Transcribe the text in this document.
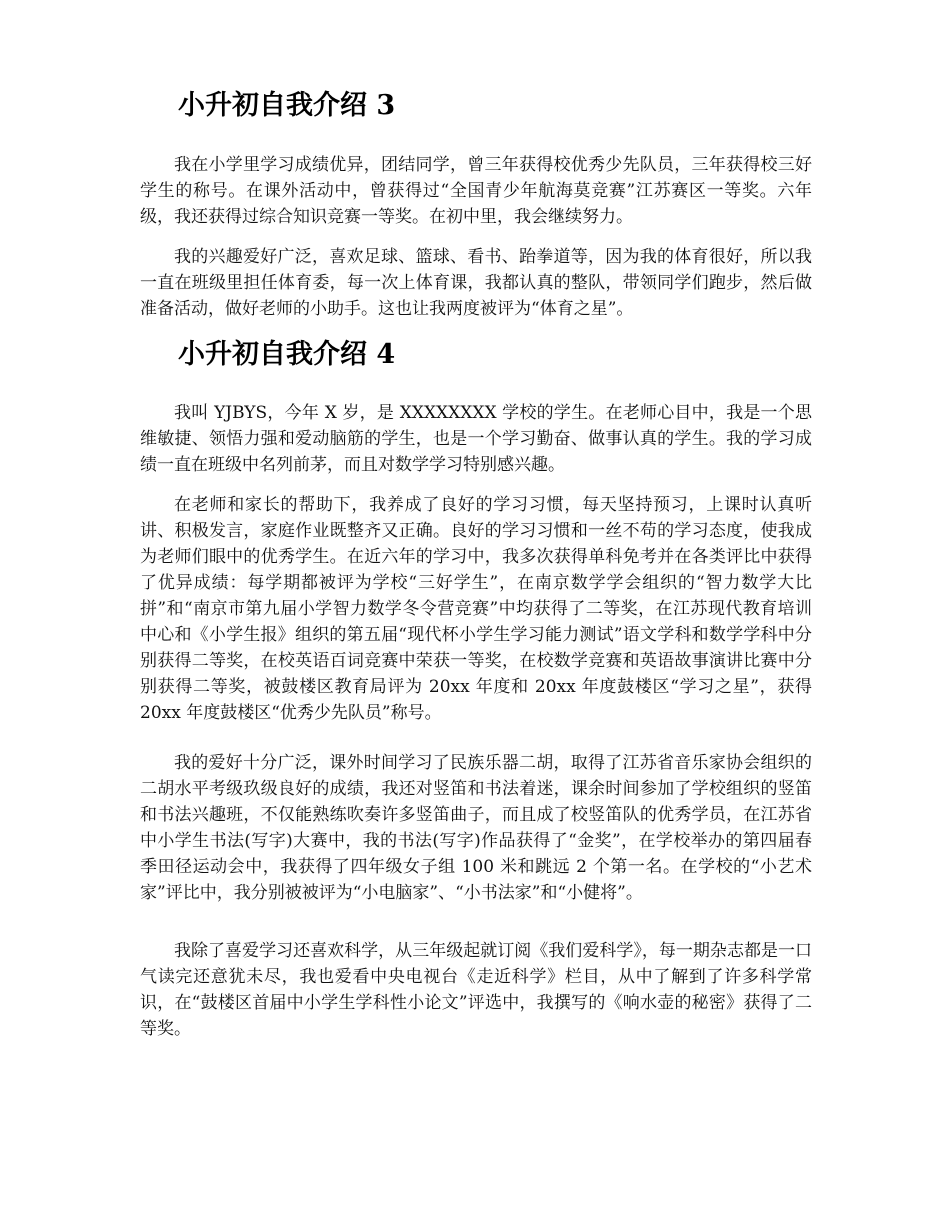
小升初自我介绍 3

我在小学里学习成绩优异，团结同学，曾三年获得校优秀少先队员，三年获得校三好学生的称号。在课外活动中，曾获得过“全国青少年航海莫竞赛”江苏赛区一等奖。六年级，我还获得过综合知识竞赛一等奖。在初中里，我会继续努力。

我的兴趣爱好广泛，喜欢足球、篮球、看书、跆拳道等，因为我的体育很好，所以我一直在班级里担任体育委，每一次上体育课，我都认真的整队，带领同学们跑步，然后做准备活动，做好老师的小助手。这也让我两度被评为“体育之星”。

小升初自我介绍 4

我叫 YJBYS，今年 X 岁，是 XXXXXXXX 学校的学生。在老师心目中，我是一个思维敏捷、领悟力强和爱动脑筋的学生，也是一个学习勤奋、做事认真的学生。我的学习成绩一直在班级中名列前茅，而且对数学学习特别感兴趣。

在老师和家长的帮助下，我养成了良好的学习习惯，每天坚持预习，上课时认真听讲、积极发言，家庭作业既整齐又正确。良好的学习习惯和一丝不苟的学习态度，使我成为老师们眼中的优秀学生。在近六年的学习中，我多次获得单科免考并在各类评比中获得了优异成绩：每学期都被评为学校“三好学生”，在南京数学学会组织的“智力数学大比拼”和“南京市第九届小学智力数学冬令营竞赛”中均获得了二等奖，在江苏现代教育培训中心和《小学生报》组织的第五届“现代杯小学生学习能力测试”语文学科和数学学科中分别获得二等奖，在校英语百词竞赛中荣获一等奖，在校数学竞赛和英语故事演讲比赛中分别获得二等奖，被鼓楼区教育局评为 20xx 年度和 20xx 年度鼓楼区“学习之星”，获得 20xx 年度鼓楼区“优秀少先队员”称号。

我的爱好十分广泛，课外时间学习了民族乐器二胡，取得了江苏省音乐家协会组织的二胡水平考级玖级良好的成绩，我还对竖笛和书法着迷，课余时间参加了学校组织的竖笛和书法兴趣班，不仅能熟练吹奏许多竖笛曲子，而且成了校竖笛队的优秀学员，在江苏省中小学生书法(写字)大赛中，我的书法(写字)作品获得了“金奖”，在学校举办的第四届春季田径运动会中，我获得了四年级女子组 100 米和跳远 2 个第一名。在学校的“小艺术家”评比中，我分别被被评为“小电脑家”、“小书法家”和“小健将”。

我除了喜爱学习还喜欢科学，从三年级起就订阅《我们爱科学》，每一期杂志都是一口气读完还意犹未尽，我也爱看中央电视台《走近科学》栏目，从中了解到了许多科学常识，在“鼓楼区首届中小学生学科性小论文”评选中，我撰写的《响水壶的秘密》获得了二等奖。
